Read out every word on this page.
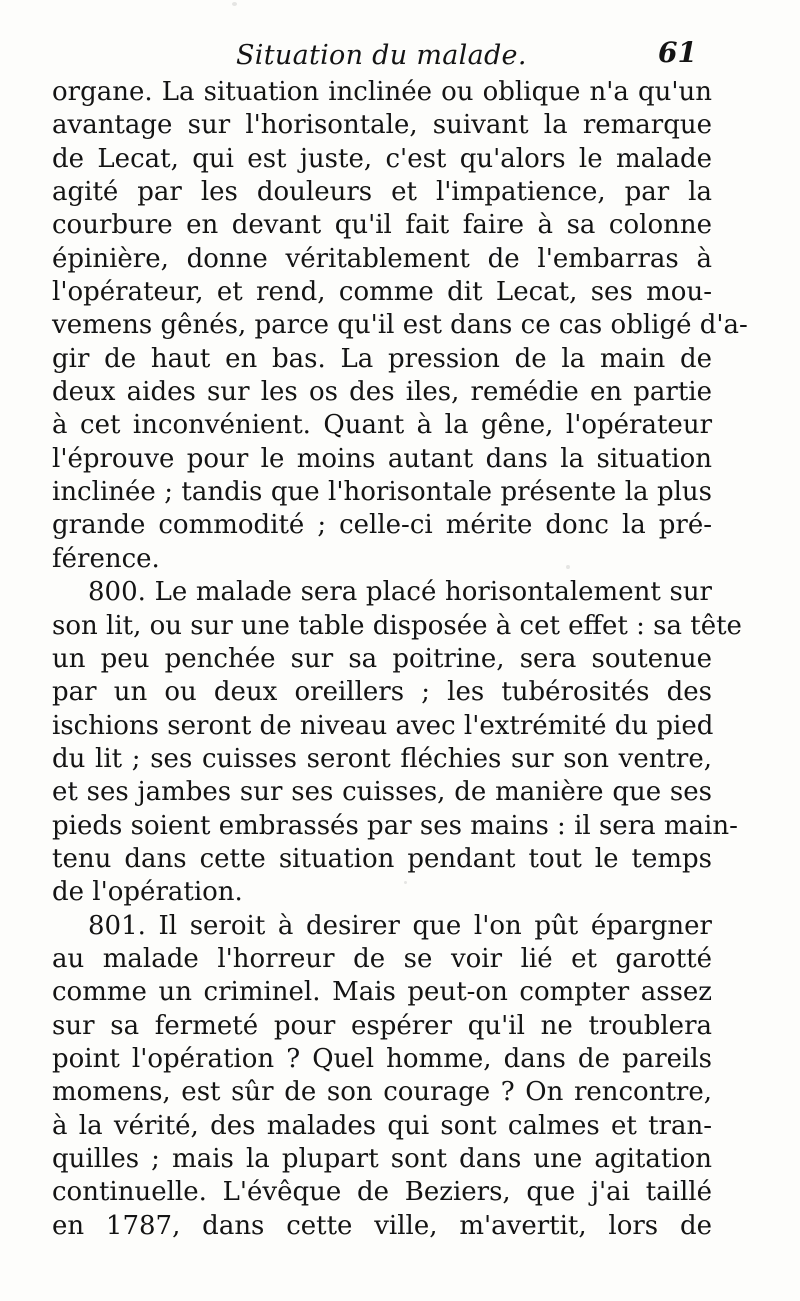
Situation du malade.	61
organe. La situation inclinée ou oblique n'a qu'un
avantage sur l'horisontale, suivant la remarque
de Lecat, qui est juste, c'est qu'alors le malade
agité par les douleurs et l'impatience, par la
courbure en devant qu'il fait faire à sa colonne
épinière, donne véritablement de l'embarras à
l'opérateur, et rend, comme dit Lecat, ses mou-
vemens gênés, parce qu'il est dans ce cas obligé d'a-
gir de haut en bas. La pression de la main de
deux aides sur les os des iles, remédie en partie
à cet inconvénient. Quant à la gêne, l'opérateur
l'éprouve pour le moins autant dans la situation
inclinée ; tandis que l'horisontale présente la plus
grande commodité ; celle-ci mérite donc la pré-
férence.
800. Le malade sera placé horisontalement sur
son lit, ou sur une table disposée à cet effet : sa tête
un peu penchée sur sa poitrine, sera soutenue
par un ou deux oreillers ; les tubérosités des
ischions seront de niveau avec l'extrémité du pied
du lit ; ses cuisses seront fléchies sur son ventre,
et ses jambes sur ses cuisses, de manière que ses
pieds soient embrassés par ses mains : il sera main-
tenu dans cette situation pendant tout le temps
de l'opération.
801. Il seroit à desirer que l'on pût épargner
au malade l'horreur de se voir lié et garotté
comme un criminel. Mais peut-on compter assez
sur sa fermeté pour espérer qu'il ne troublera
point l'opération ? Quel homme, dans de pareils
momens, est sûr de son courage ? On rencontre,
à la vérité, des malades qui sont calmes et tran-
quilles ; mais la plupart sont dans une agitation
continuelle. L'évêque de Beziers, que j'ai taillé
en 1787, dans cette ville, m'avertit, lors de
